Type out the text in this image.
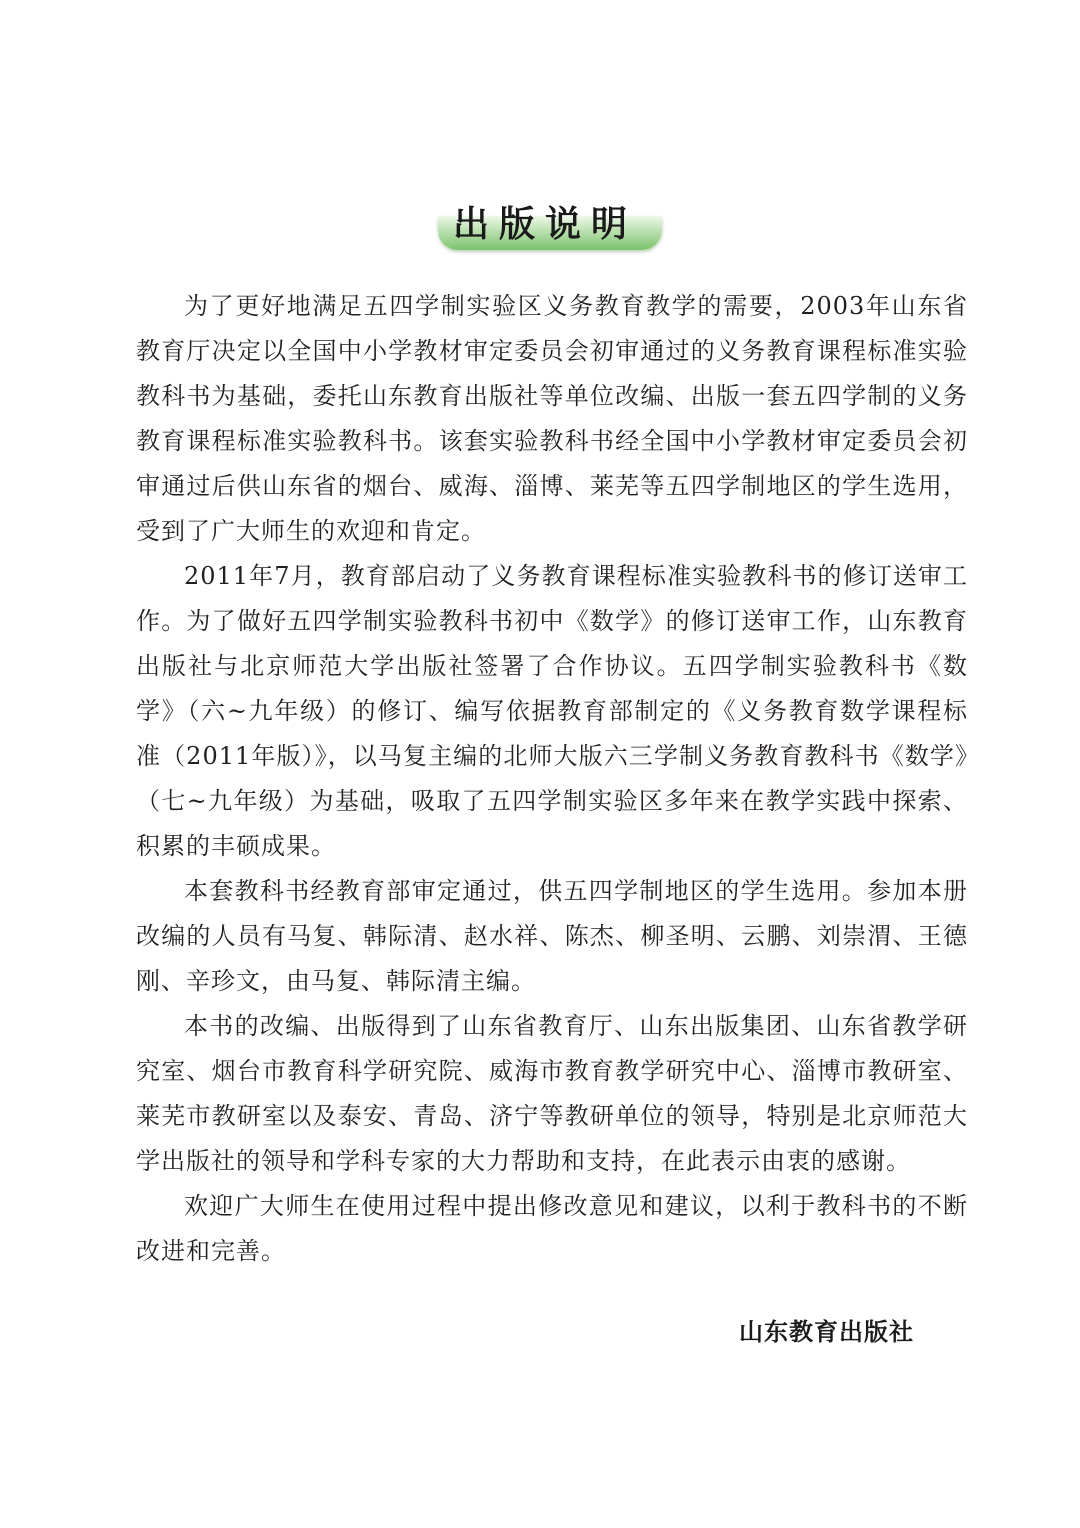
出版说明

为了更好地满足五四学制实验区义务教育教学的需要，2003年山东省教育厅决定以全国中小学教材审定委员会初审通过的义务教育课程标准实验教科书为基础，委托山东教育出版社等单位改编、出版一套五四学制的义务教育课程标准实验教科书。该套实验教科书经全国中小学教材审定委员会初审通过后供山东省的烟台、威海、淄博、莱芜等五四学制地区的学生选用，受到了广大师生的欢迎和肯定。

2011年7月，教育部启动了义务教育课程标准实验教科书的修订送审工作。为了做好五四学制实验教科书初中《数学》的修订送审工作，山东教育出版社与北京师范大学出版社签署了合作协议。五四学制实验教科书《数学》（六~九年级）的修订、编写依据教育部制定的《义务教育数学课程标准（2011年版）》，以马复主编的北师大版六三学制义务教育教科书《数学》（七~九年级）为基础，吸取了五四学制实验区多年来在教学实践中探索、积累的丰硕成果。

本套教科书经教育部审定通过，供五四学制地区的学生选用。参加本册改编的人员有马复、韩际清、赵水祥、陈杰、柳圣明、云鹏、刘崇渭、王德刚、辛珍文，由马复、韩际清主编。

本书的改编、出版得到了山东省教育厅、山东出版集团、山东省教学研究室、烟台市教育科学研究院、威海市教育教学研究中心、淄博市教研室、莱芜市教研室以及泰安、青岛、济宁等教研单位的领导，特别是北京师范大学出版社的领导和学科专家的大力帮助和支持，在此表示由衷的感谢。

欢迎广大师生在使用过程中提出修改意见和建议，以利于教科书的不断改进和完善。

山东教育出版社
